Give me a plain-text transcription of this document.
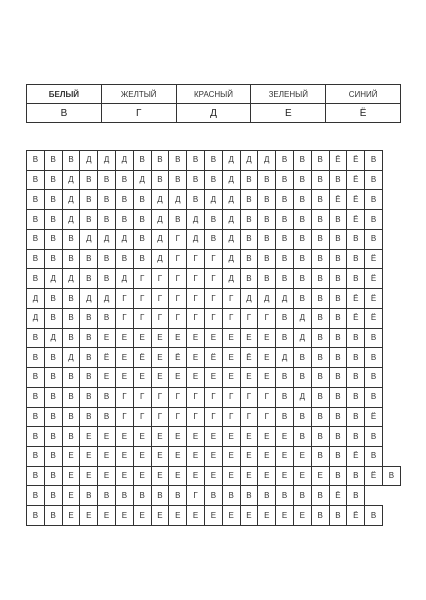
БЕЛЫЙ	ЖЕЛТЫЙ	КРАСНЫЙ	ЗЕЛЕНЫЙ	СИНИЙ
В	Г	Д	Е	Ё
В	В	В	Д	Д	Д	В	В	В	В	В	Д	Д	Д	В	В	В	Ё	Ё	В	
В	В	Д	В	В	В	Д	В	В	В	В	Д	В	В	В	В	В	В	Ё	В	
В	В	Д	В	В	В	В	Д	Д	В	Д	Д	В	В	В	В	В	Ё	Ё	В	
В	В	Д	В	В	В	В	Д	В	Д	В	Д	В	В	В	В	В	В	Ё	В	
В	В	В	Д	Д	Д	В	Д	Г	Д	В	Д	В	В	В	В	В	В	В	В	
В	В	В	В	В	В	В	Д	Г	Г	Г	Д	В	В	В	В	В	В	В	Ё	
В	Д	Д	В	В	Д	Г	Г	Г	Г	Г	Д	В	В	В	В	В	В	В	Ё	
Д	В	В	Д	Д	Г	Г	Г	Г	Г	Г	Г	Д	Д	Д	В	В	В	Ё	Ё	
Д	В	В	В	В	Г	Г	Г	Г	Г	Г	Г	Г	Г	В	Д	В	В	Ё	Ё	
В	Д	В	В	Е	Е	Е	Е	Е	Е	Е	Е	Е	Е	В	Д	В	В	В	В	
В	В	Д	В	Ё	Е	Ё	Е	Ё	Е	Ё	Е	Ё	Е	Д	В	В	В	В	В	
В	В	В	В	Е	Е	Е	Е	Е	Е	Е	Е	Е	Е	В	В	В	В	В	В	
В	В	В	В	В	Г	Г	Г	Г	Г	Г	Г	Г	Г	В	Д	В	В	В	В	
В	В	В	В	В	Г	Г	Г	Г	Г	Г	Г	Г	Г	В	В	В	В	В	Ё	
В	В	В	Е	Е	Е	Е	Е	Е	Е	Е	Е	Е	Е	Е	В	В	В	В	В	
В	В	Е	Е	Е	Е	Е	Е	Е	Е	Е	Е	Е	Е	Е	Е	В	В	Ё	В	
В	В	Е	Е	Е	Е	Е	Е	Е	Е	Е	Е	Е	Е	Е	Е	Е	В	В	Ё	В
В	В	Е	В	В	В	В	В	В	Г	В	В	В	В	В	В	В	Ё	В		
В	В	Е	Е	Е	Е	Е	Е	Е	Е	Е	Е	Е	Е	Е	Е	В	В	Ё	В	
